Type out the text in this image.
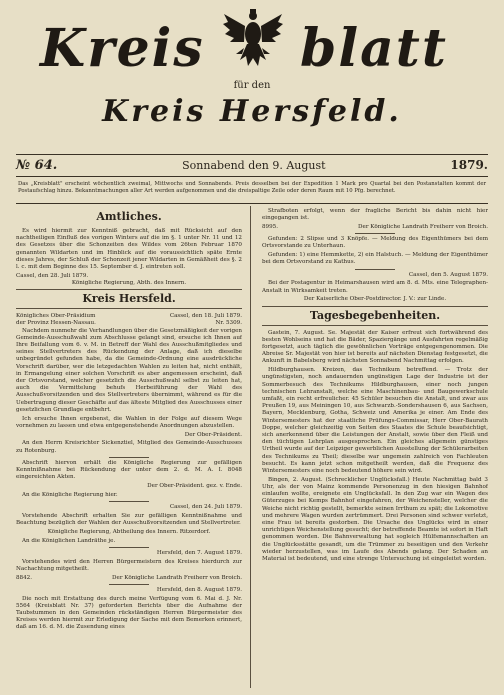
Kreis blatt
für den
Kreis Hersfeld.
№ 64.	Sonnabend den 9. August	1879.
Das „Kreisblatt" erscheint wöchentlich zweimal, Mittwochs und Sonnabends. Preis desselben bei der Expedition 1 Mark pro Quartal bei den Postanstalten kommt der Postaufschlag hinzu. Bekanntmachungen aller Art werden aufgenommen und die dreispaltige Zeile oder deren Raum mit 10 Pfg. berechnet.
Amtliches.

Es wird hiermit zur Kenntniß gebracht, daß mit Rücksicht auf den nachtheiligen Einfluß des vorigen Winters auf die im §. 1 unter Nr. 11 und 12 des Gesetzes über die Schonzeiten des Wildes vom 26ten Februar 1870 genannten Wildarten und im Hinblick auf die voraussichtlich späte Ernte dieses Jahres, der Schluß der Schonzeit jener Wildarten in Gemäßheit des §. 2 l. c. mit dem Beginne des 15. September d. J. eintreten soll.

Cassel, den 28. Juli 1879.

Königliche Regierung, Abth. des Innern.

Kreis Hersfeld.

Königliches Ober-Präsidium	Cassel, den 18. Juli 1879.

der Provinz Hessen-Nassau.	Nr. 5309.

Nachdem nunmehr die Verhandlungen über die Gesetzmäßigkeit der vorigen Gemeinde-Ausschußwahl zum Abschlusse gelangt sind, ersuche ich Ihnen auf Ihre Beifallung vom 6. v. M. in Betreff der Wahl des Ausschußmitgliedes und seines Stellvertreters des Rückendung der Anlage, daß ich dieselbe unbegründet gefunden habe, da die Gemeinde-Ordnung eine ausdrückliche Vorschrift darüber, wer die letzgedachten Wahlen zu leiten hat, nicht enthält, in Ermangelung einer solchen Vorschrift es aber angemessen erscheint, daß der Ortsvorstand, welcher gesetzlich die Ausschußwahl selbst zu leiten hat, auch die Vermittelung behufs Herbeiführung der Wahl des Ausschußvorsitzenden und des Stellvertreters übernimmt, während es für die Uebertragung dieser Geschäfte auf das älteste Mitglied des Ausschusses einer gesetzlichen Grundlage entbehrt.

Ich ersuche Ihnen ergebenst, die Wahlen in der Folge auf diesem Wege vornehmen zu lassen und etwa entgegenstehende Anordnungen abzustellen.

Der Ober-Präsident.

An den Herrn Kreisrichter Sickenztiel, Mitglied des Gemeinde-Ausschusses zu Rotenburg.

Abschrift hiervon erhält die Königliche Regierung zur gefälligen Kenntnißnahme bei Rückendung der unter dem 2. d. M. A. I. 8048 eingereichten Akten.

Der Ober-Präsident. gez. v. Ende.

An die Königliche Regierung hier.

Cassel, den 24. Juli 1879.

Vorstehende Abschrift erhalten Sie zur gefälligen Kenntnißnahme und Beachtung bezüglich der Wahlen der Ausschußvorsitzenden und Stellvertreter.

Königliche Regierung, Abtheilung des Innern. Ritzerdorf.

An die Königlichen Landräthe je.

Hersfeld, den 7. August 1879.

Vorstehendes wird den Herren Bürgermeistern des Kreises hierdurch zur Nachachtung mitgetheilt.

8842.	Der Königliche Landrath Freiherr von Broich.

Hersfeld, den 8. August 1879.

Die noch mit Erstattung des durch meine Verfügung vom 6. Mai d. J. Nr. 5564 (Kreisblatt Nr. 37) geforderten Berichts über die Aufnahme der Taubstummen in den Gemeinden rückständigen Herren Bürgermeister des Kreises werden hiermit zur Erledigung der Sache mit dem Bemerken erinnert, daß am 16. d. M. die Zusendung eines

Strafboten erfolgt, wenn der fragliche Bericht bis dahin nicht hier eingegangen ist.

8995.	Der Königliche Landrath Freiherr von Broich.

Gefunden: 2 Slipse und 3 Knöpfe. — Meldung des Eigenthümers bei dem Ortsvorstande zu Unterhaun.

Gefunden: 1) eine Hemmkette, 2) ein Halstuch. — Meldung der Eigenthümer bei dem Ortsvorstand zu Kathus.

Cassel, den 5. August 1879.

Bei der Postagentur in Heimarshausen wird am 8. d. Mts. eine Telegraphen-Anstalt in Wirksamkeit treten.

Der Kaiserliche Ober-Postdirector. J. V.: zur Linde.

Tagesbegebenheiten.

Gastein, 7. August. Se. Majestät der Kaiser erfreut sich fortwährend des besten Wohlseins und hat die Bäder, Spaziergänge und Ausfahrten regelmäßig fortgesetzt, auch täglich die gewöhnlichen Vorträge entgegengenommen. Die Abreise Sr. Majestät von hier ist bereits auf nächsten Dienstag festgesetzt, die Ankunft in Babelsberg wird nächsten Sonnabend Nachmittag erfolgen.

Hildburghausen. Kreizen, das Technikum betreffend. — Trotz der ungünstigsten, noch andauernden ungünstigen Lage der Industrie ist der Sommerbesuch des Technikums Hildburghausen, einer noch jungen technischen Lehranstalt, welche eine Maschinenbau- und Baugewerkschule umfaßt, ein recht erfreulicher. 45 Schüler besuchen die Anstalt, und zwar aus Preußen 19, aus Meiningen 10, aus Schwarzb.-Sondershausen 6, aus Sachsen, Bayern, Mecklenburg, Gotha, Schweiz und Amerika je einer. Am Ende des Wintersemesters hat der staatliche Prüfungs-Commissar, Herr Ober-Baurath Doppe, welcher gleichzeitig von Seiten des Staates die Schule beaufsichtigt, sich anerkennend über die Leistungen der Anstalt, sowie über den Fleiß und den tüchtigen Lehrplan ausgesprochen. Ein gleiches allgemein günstiges Urtheil wurde auf der Leipziger gewerblichen Ausstellung der Schülerarbeiten des Technikums zu Theil; dieselbe war ungemein zahlreich von Fachleuten besucht. Es kann jetzt schon mitgetheilt werden, daß die Frequenz des Wintersemesters eine noch bedeutend höhere sein wird.

Bingen, 2. August. (Schrecklicher Unglücksfall.) Heute Nachmittag bald 3 Uhr, als der von Mainz kommende Personenzug in den hiesigen Bahnhof einlaufen wollte, ereignete ein Unglücksfall. In den Zug war ein Wagen des Güterzuges bei Kemps Bahnhof eingefahren, der Weichensteller, welcher die Weiche nicht richtig gestellt, bemerkte seinen Irrthum zu spät; die Lokomotive und mehrere Wagen wurden zertrümmert. Drei Personen sind schwer verletzt, eine Frau ist bereits gestorben. Die Ursache des Unglücks wird in einer unrichtigen Weichenstellung gesucht; der betreffende Beamte ist sofort in Haft genommen worden. Die Bahnverwaltung hat sogleich Hülfsmannschaften an die Unglücksstätte gesandt, um die Trümmer zu beseitigen und den Verkehr wieder herzustellen, was im Laufe des Abends gelang. Der Schaden an Material ist bedeutend, und eine strenge Untersuchung ist eingeleitet worden.
